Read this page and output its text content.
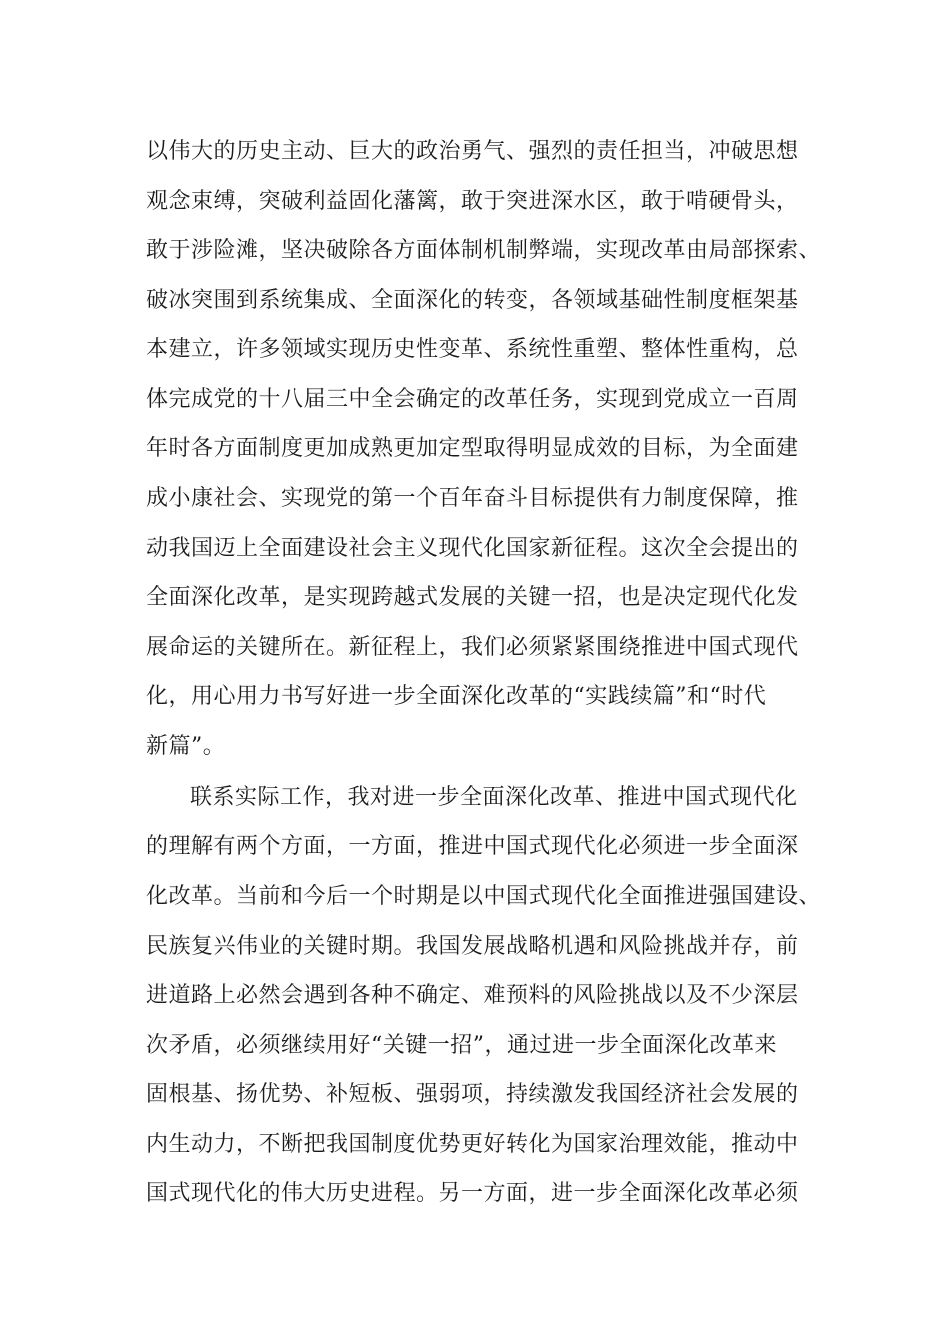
以伟大的历史主动、巨大的政治勇气、强烈的责任担当，冲破思想

观念束缚，突破利益固化藩篱，敢于突进深水区，敢于啃硬骨头，

敢于涉险滩，坚决破除各方面体制机制弊端，实现改革由局部探索、

破冰突围到系统集成、全面深化的转变，各领域基础性制度框架基

本建立，许多领域实现历史性变革、系统性重塑、整体性重构，总

体完成党的十八届三中全会确定的改革任务，实现到党成立一百周

年时各方面制度更加成熟更加定型取得明显成效的目标，为全面建

成小康社会、实现党的第一个百年奋斗目标提供有力制度保障，推

动我国迈上全面建设社会主义现代化国家新征程。这次全会提出的

全面深化改革，是实现跨越式发展的关键一招，也是决定现代化发

展命运的关键所在。新征程上，我们必须紧紧围绕推进中国式现代

化，用心用力书写好进一步全面深化改革的“实践续篇”和“时代

新篇”。

联系实际工作，我对进一步全面深化改革、推进中国式现代化

的理解有两个方面，一方面，推进中国式现代化必须进一步全面深

化改革。当前和今后一个时期是以中国式现代化全面推进强国建设、

民族复兴伟业的关键时期。我国发展战略机遇和风险挑战并存，前

进道路上必然会遇到各种不确定、难预料的风险挑战以及不少深层

次矛盾，必须继续用好“关键一招”，通过进一步全面深化改革来

固根基、扬优势、补短板、强弱项，持续激发我国经济社会发展的

内生动力，不断把我国制度优势更好转化为国家治理效能，推动中

国式现代化的伟大历史进程。另一方面，进一步全面深化改革必须
